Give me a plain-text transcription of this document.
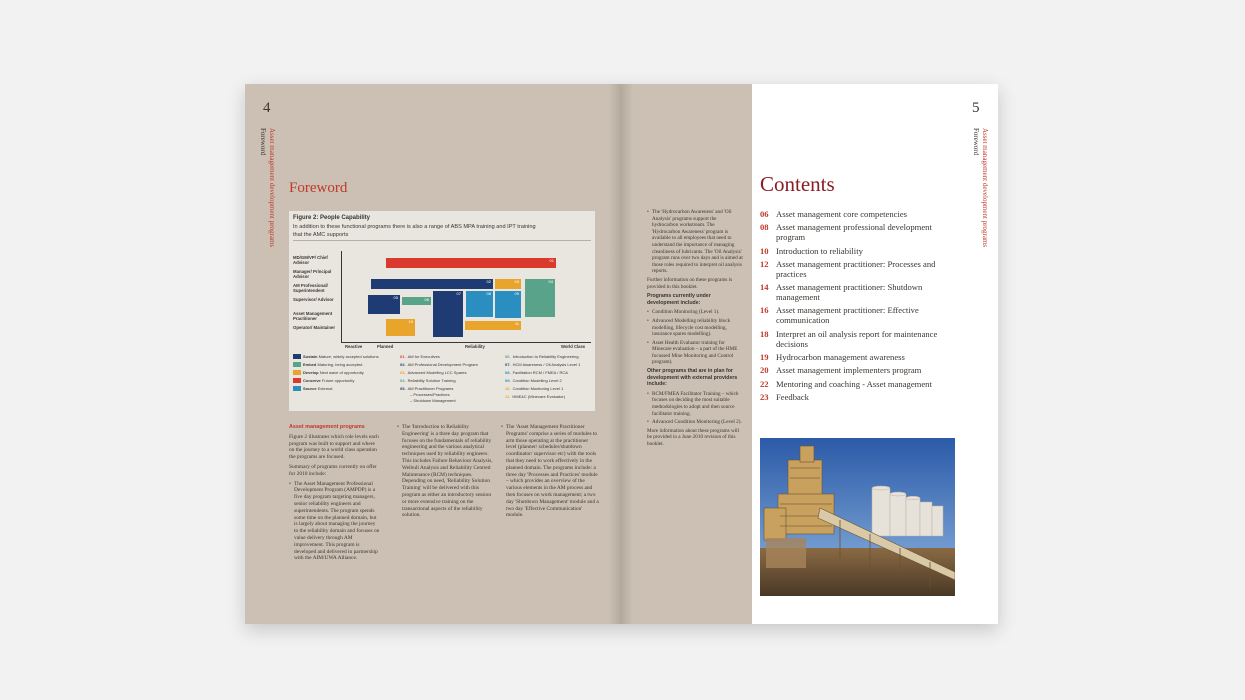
4
Asset management development programs
Foreword
Foreword
Figure 2: People Capability
In addition to these functional programs there is also a range of ABS MPA training and IPT training that the AMC supports
MD/GM/VP/ Chief Advisor
Manager/ Principal Advisor
AM Professional/ Superintendent
Supervisor/ Advisor
Asset Management Practitioner
Operator/ Maintainer
01
02	03	04
05	06
07	08	09
10	11
Reactive	Planned	Reliability	World Class
Sustain Mature, widely accepted solutions
Embed Maturing, being accepted
Develop Next wave of opportunity
Conceive Future opportunity
Source External
01. AM for Executives
02. AM Professional Development Program
03. Advanced Modelling LCC Spares
04. Reliability Solution Training
05. AM Practitioner Programs
– Processes/Practices
– Shutdown Management
06. Introduction to Reliability Engineering
07. HCM Awareness / Oil Analysis Level 1
08. Facilitation RCM / FMEA / RCA
09. Condition Modelling Level 2
10. Condition Monitoring Level 1
11. HME&C (Minecare Evaluator)

Asset management programs

Figure 2 illustrates which role levels each program was built to support and where on the journey to a world class operation the programs are focused.

Summary of programs currently on offer for 2010 include:

• The Asset Management Professional Development Program (AMPDP) is a five day program targeting managers, senior reliability engineers and superintendents. The program spends some time on the planned domain, but is largely about managing the journey to the reliability domain and focuses on value delivery through AM improvement. This program is developed and delivered in partnership with the AIM/UWA Alliance.
• The 'Introduction to Reliability Engineering' is a three day program that focuses on the fundamentals of reliability engineering and the various analytical techniques used by reliability engineers. This includes Failure Behaviour Analysis, Weibull Analysis and Reliability Centred Maintenance (RCM) techniques. Depending on need, 'Reliability Solution Training' will be delivered with this program as either an introductory session or more extensive training on the transactional aspects of the reliability solution.
• The 'Asset Management Practitioner Programs' comprise a series of modules to arm those operating at the practitioner level (planner/ scheduler/shutdown coordinator/ supervisor etc) with the tools that they need to work effectively in the planned domain. The programs include: a three day 'Processes and Practices' module – which provides an overview of the various elements in the AM process and then focuses on work management; a two day 'Shutdown Management' module and a two day 'Effective Communication' module.
• The 'Hydrocarbon Awareness' and 'Oil Analysis' programs support the hydrocarbon workstream. The 'Hydrocarbon Awareness' program is available to all employees that need to understand the importance of managing cleanliness of lubricants. The 'Oil Analysis' program runs over two days and is aimed at those roles required to interpret oil analysis reports.

Further information on these programs is provided in this booklet.

Programs currently under development include:

• Condition Monitoring (Level 1).
• Advanced Modelling reliability block modelling, lifecycle cost modelling, insurance spares modelling).
• Asset Health Evaluator training for Minecare evaluation – a part of the HME focussed Mine Monitoring and Control program).

Other programs that are in plan for development with external providers include:

• RCM/FMEA Facilitator Training – which focuses on deciding the most suitable methodologies to adopt and then source facilitator training.
• Advanced Condition Monitoring (Level 2).

More information about these programs will be provided in a June 2010 revision of this booklet.

5
Asset management development programs
Foreword
Contents
06 Asset management core competencies
08 Asset management professional development program
10 Introduction to reliability
12 Asset management practitioner: Processes and practices
14 Asset management practitioner: Shutdown management
16 Asset management practitioner: Effective communication
18 Interpret an oil analysis report for maintenance decisions
19 Hydrocarbon management awareness
20 Asset management implementers program
22 Mentoring and coaching - Asset management
23 Feedback
